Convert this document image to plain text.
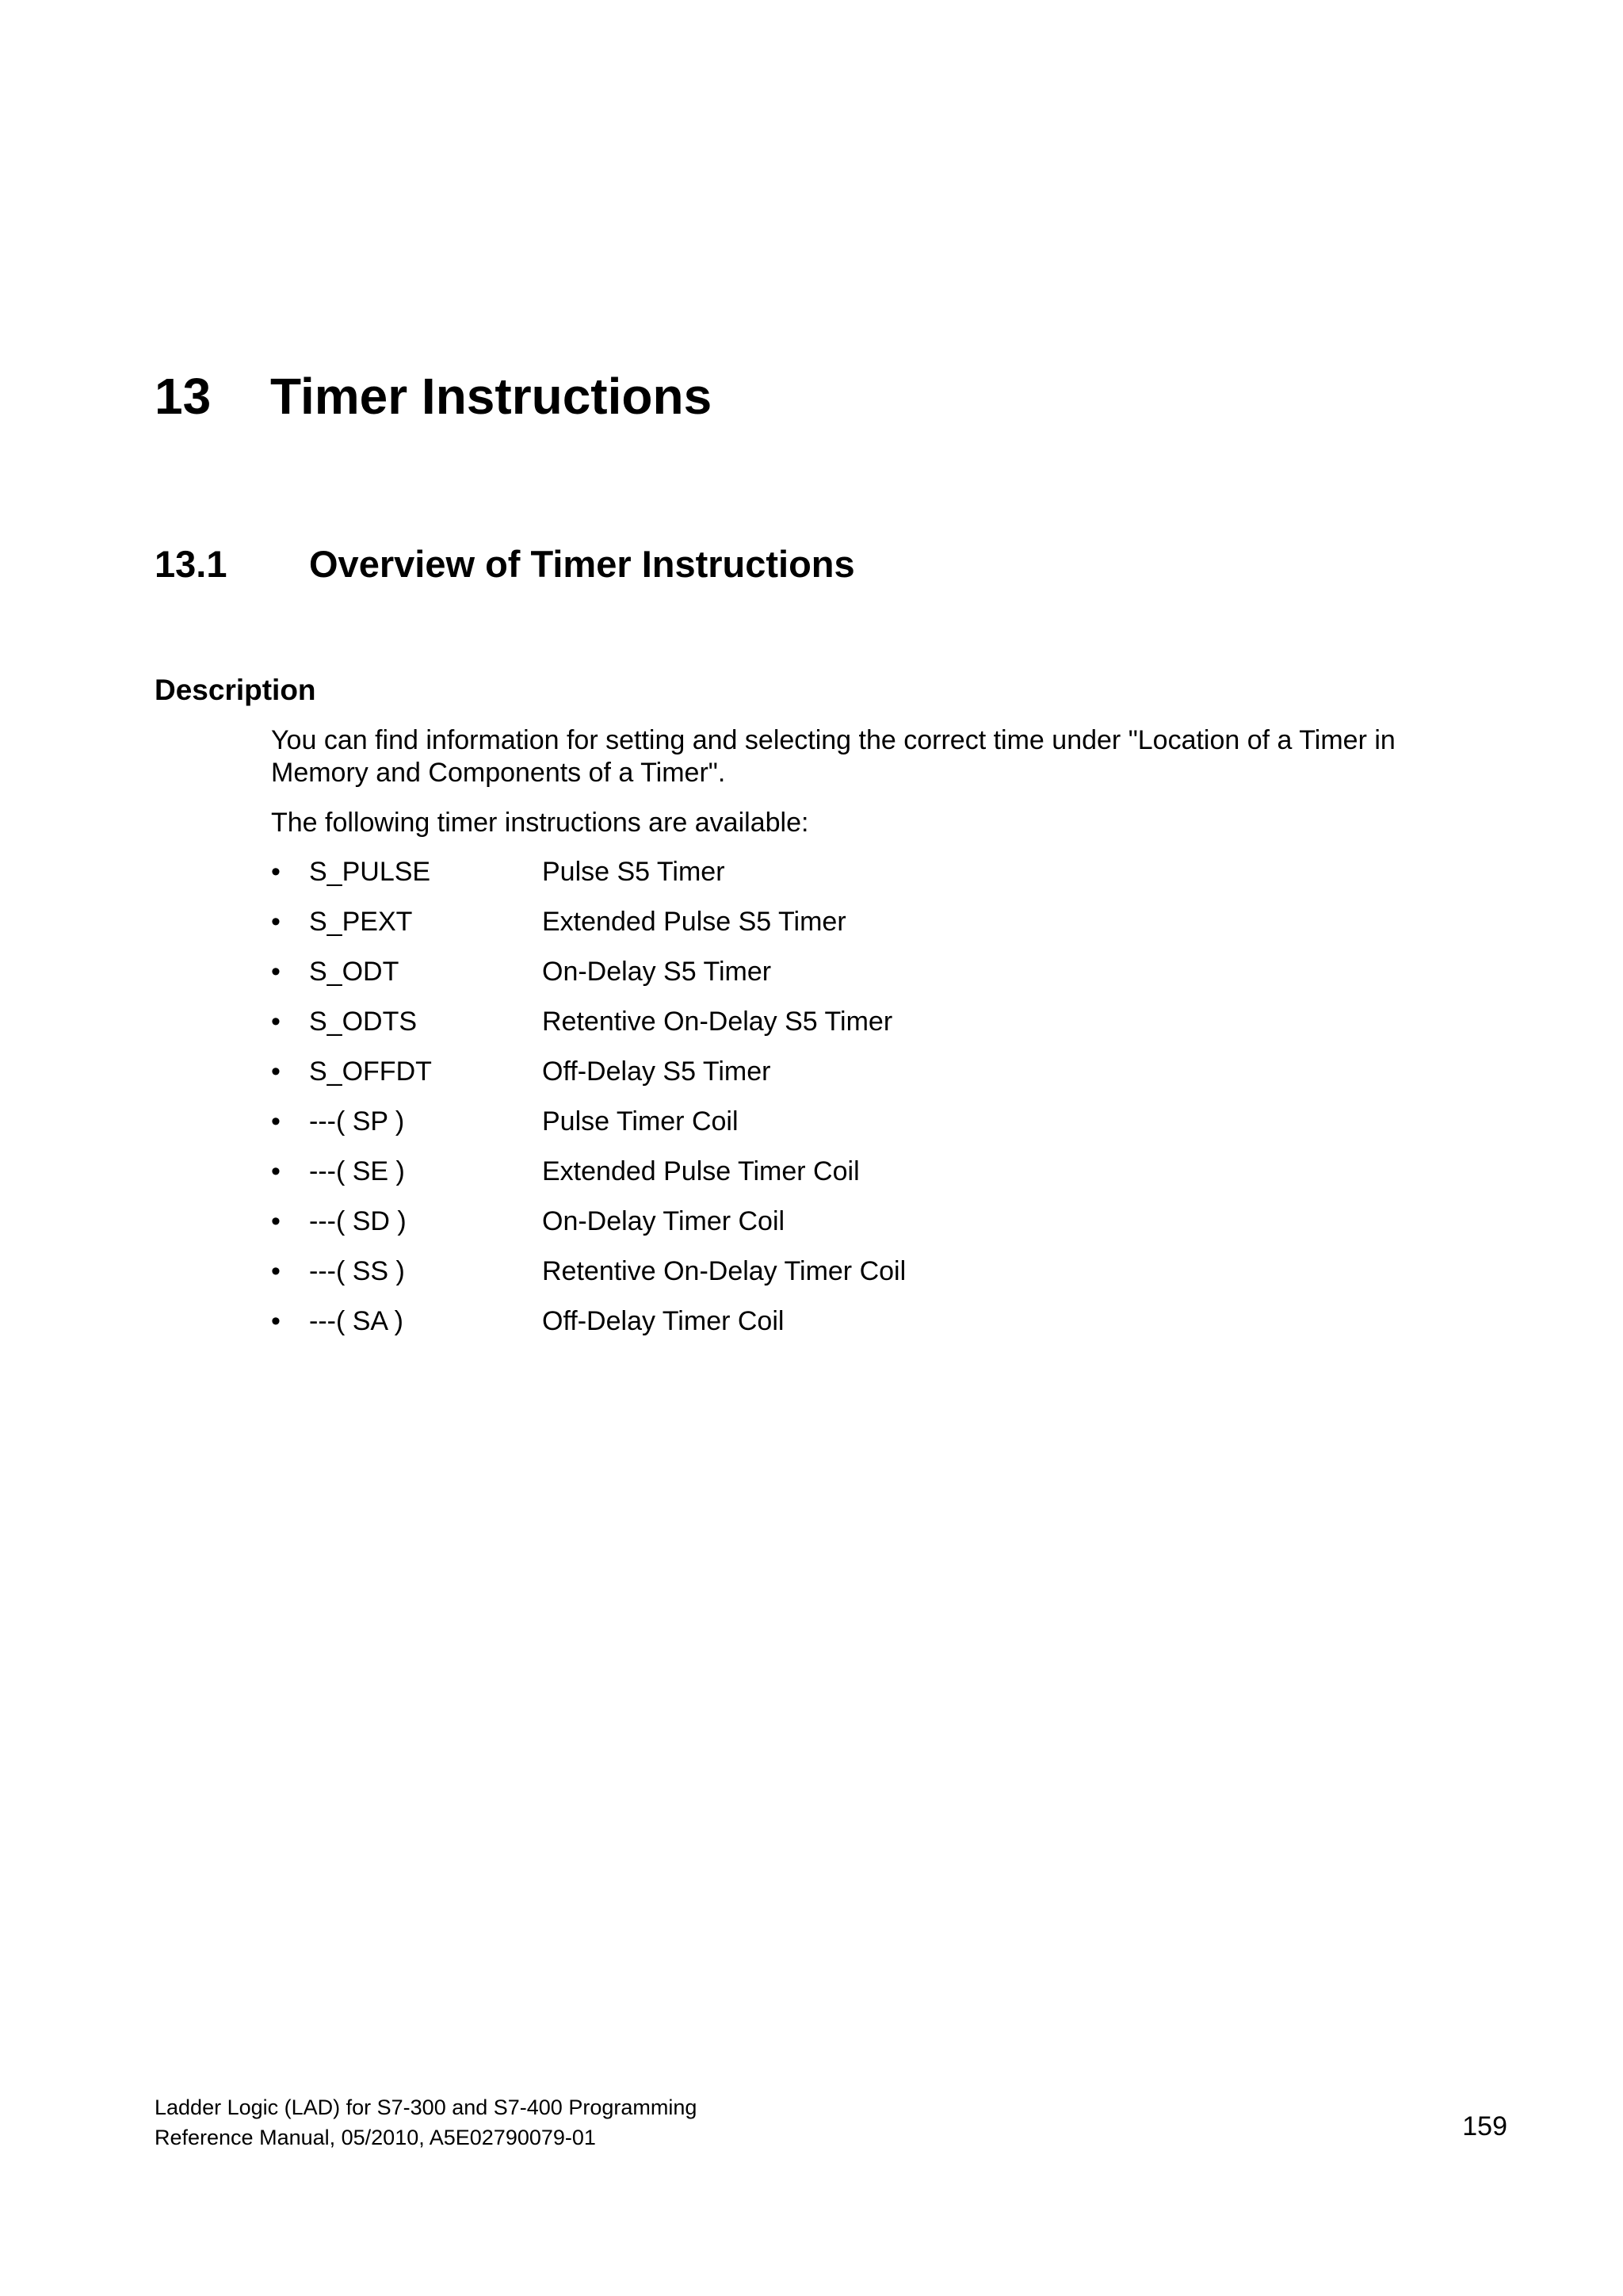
13 Timer Instructions
13.1 Overview of Timer Instructions
Description
You can find information for setting and selecting the correct time under "Location of a Timer in Memory and Components of a Timer".
The following timer instructions are available:
•	S_PULSE	Pulse S5 Timer
•	S_PEXT	Extended Pulse S5 Timer
•	S_ODT	On-Delay S5 Timer
•	S_ODTS	Retentive On-Delay S5 Timer
•	S_OFFDT	Off-Delay S5 Timer
•	---( SP )	Pulse Timer Coil
•	---( SE )	Extended Pulse Timer Coil
•	---( SD )	On-Delay Timer Coil
•	---( SS )	Retentive On-Delay Timer Coil
•	---( SA )	Off-Delay Timer Coil
Ladder Logic (LAD) for S7-300 and S7-400 Programming
Reference Manual, 05/2010, A5E02790079-01	159
